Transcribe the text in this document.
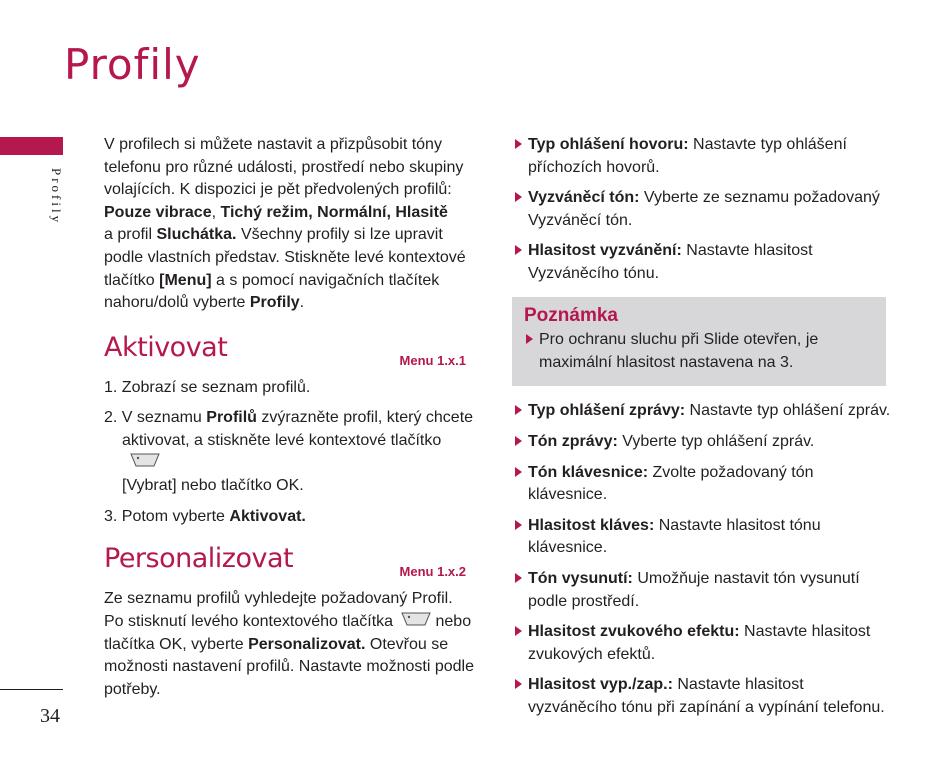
Profily
Profily
34

V profilech si můžete nastavit a přizpůsobit tóny telefonu pro různé události, prostředí nebo skupiny volajících. K dispozici je pět předvolených profilů: Pouze vibrace, Tichý režim, Normální, Hlasitě
a profil Sluchátka. Všechny profily si lze upravit podle vlastních představ. Stiskněte levé kontextové tlačítko [Menu] a s pomocí navigačních tlačítek nahoru/dolů vyberte Profily.

Aktivovat	Menu 1.x.1
1. Zobrazí se seznam profilů.
2. V seznamu Profilů zvýrazněte profil, který chcete aktivovat, a stiskněte levé kontextové tlačítko
[Vybrat] nebo tlačítko OK.
3. Potom vyberte Aktivovat.
Personalizovat	Menu 1.x.2

Ze seznamu profilů vyhledejte požadovaný Profil. Po stisknutí levého kontextového tlačítka nebo tlačítka OK, vyberte Personalizovat. Otevřou se možnosti nastavení profilů. Nastavte možnosti podle potřeby.

Typ ohlášení hovoru: Nastavte typ ohlášení příchozích hovorů.
Vyzváněcí tón: Vyberte ze seznamu požadovaný Vyzváněcí tón.
Hlasitost vyzvánění: Nastavte hlasitost Vyzváněcího tónu.
Poznámka
Pro ochranu sluchu při Slide otevřen, je maximální hlasitost nastavena na 3.
Typ ohlášení zprávy: Nastavte typ ohlášení zpráv.
Tón zprávy: Vyberte typ ohlášení zpráv.
Tón klávesnice: Zvolte požadovaný tón klávesnice.
Hlasitost kláves: Nastavte hlasitost tónu klávesnice.
Tón vysunutí: Umožňuje nastavit tón vysunutí podle prostředí.
Hlasitost zvukového efektu: Nastavte hlasitost zvukových efektů.
Hlasitost vyp./zap.: Nastavte hlasitost vyzváněcího tónu při zapínání a vypínání telefonu.
